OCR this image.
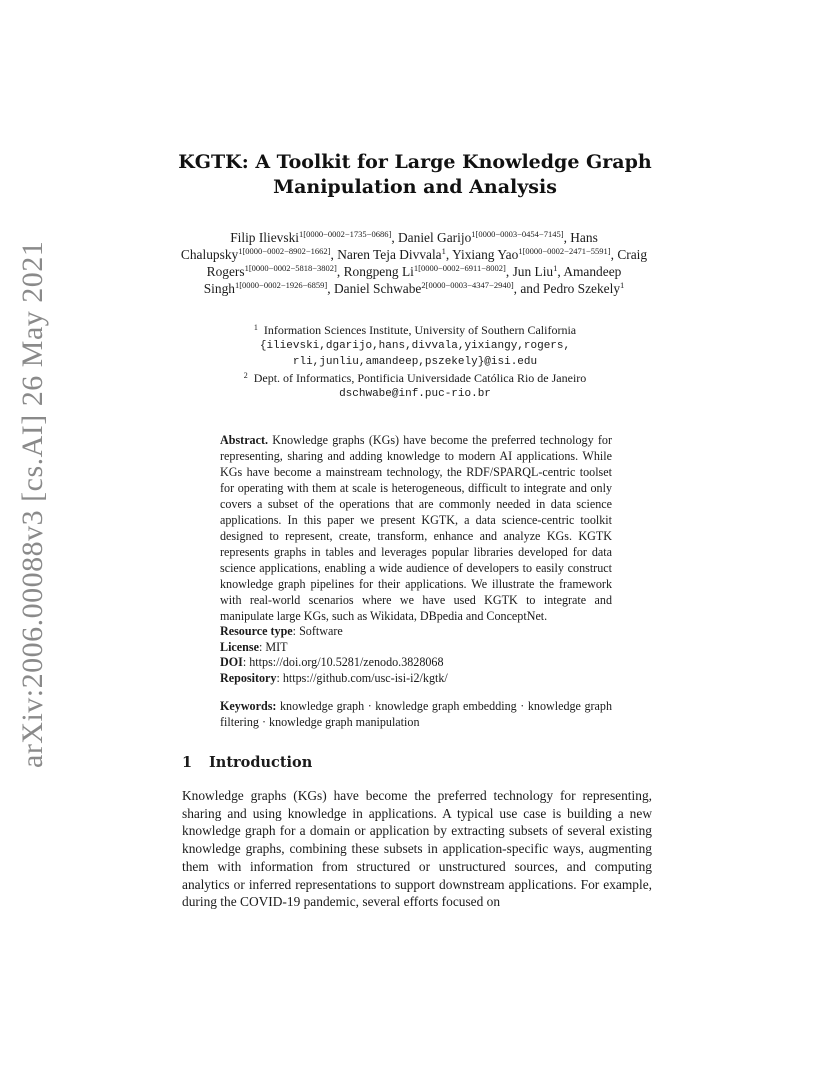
arXiv:2006.00088v3 [cs.AI] 26 May 2021
KGTK: A Toolkit for Large Knowledge Graph Manipulation and Analysis
Filip Ilievski$^{1[0000-0002-1735-0686]}$, Daniel Garijo$^{1[0000-0003-0454-7145]}$, Hans Chalupsky$^{1[0000-0002-8902-1662]}$, Naren Teja Divvala$^1$, Yixiang Yao$^{1[0000-0002-2471-5591]}$, Craig Rogers$^{1[0000-0002-5818-3802]}$, Rongpeng $Li^{1[0000-0002-6911-8002]}$, Jun Liu$^1$, Amandeep Singh$^{1[0000-0002-1926-6859]}$, Daniel Schwabe$^{2[0000-0003-4347-2940]}$, and Pedro Szekely$^1$
$^1$ Information Sciences Institute, University of Southern California
{ilievski,dgarijo,hans,divvala,yixiangy,rogers,
rli,junliu,amandeep,pszekely}@isi.edu
$^2$ Dept. of Informatics, Pontificia Universidade Católica Rio de Janeiro
dschwabe@inf.puc-rio.br
Abstract. Knowledge graphs (KGs) have become the preferred technology for representing, sharing and adding knowledge to modern AI applications. While KGs have become a mainstream technology, the RDF/SPARQL-centric toolset for operating with them at scale is heterogeneous, difficult to integrate and only covers a subset of the operations that are commonly needed in data science applications. In this paper we present KGTK, a data science-centric toolkit designed to represent, create, transform, enhance and analyze KGs. KGTK represents graphs in tables and leverages popular libraries developed for data science applications, enabling a wide audience of developers to easily construct knowledge graph pipelines for their applications. We illustrate the framework with real-world scenarios where we have used KGTK to integrate and manipulate large KGs, such as Wikidata, DBpedia and ConceptNet.
Resource type: Software
License: MIT
DOI: https://doi.org/10.5281/zenodo.3828068
Repository: https://github.com/usc-isi-i2/kgtk/
Keywords: knowledge graph · knowledge graph embedding · knowledge graph filtering · knowledge graph manipulation
1 Introduction
Knowledge graphs (KGs) have become the preferred technology for representing, sharing and using knowledge in applications. A typical use case is building a new knowledge graph for a domain or application by extracting subsets of several existing knowledge graphs, combining these subsets in application-specific ways, augmenting them with information from structured or unstructured sources, and computing analytics or inferred representations to support downstream applications. For example, during the COVID-19 pandemic, several efforts focused on
